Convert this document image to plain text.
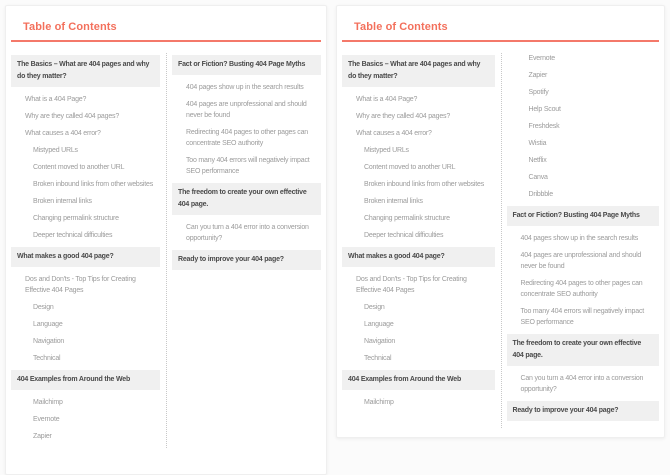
Table of Contents
The Basics – What are 404 pages and why do they matter?
What is a 404 Page?
Why are they called 404 pages?
What causes a 404 error?
Mistyped URLs
Content moved to another URL
Broken inbound links from other websites
Broken internal links
Changing permalink structure
Deeper technical difficulties
What makes a good 404 page?
Dos and Don'ts - Top Tips for Creating Effective 404 Pages
Design
Language
Navigation
Technical
404 Examples from Around the Web
Mailchimp
Evernote
Zapier
Fact or Fiction? Busting 404 Page Myths
404 pages show up in the search results
404 pages are unprofessional and should never be found
Redirecting 404 pages to other pages can concentrate SEO authority
Too many 404 errors will negatively impact SEO performance
The freedom to create your own effective 404 page.
Can you turn a 404 error into a conversion opportunity?
Ready to improve your 404 page?
Table of Contents
The Basics – What are 404 pages and why do they matter?
What is a 404 Page?
Why are they called 404 pages?
What causes a 404 error?
Mistyped URLs
Content moved to another URL
Broken inbound links from other websites
Broken internal links
Changing permalink structure
Deeper technical difficulties
What makes a good 404 page?
Dos and Don'ts - Top Tips for Creating Effective 404 Pages
Design
Language
Navigation
Technical
404 Examples from Around the Web
Mailchimp
Evernote
Zapier
Spotify
Help Scout
Freshdesk
Wistia
Netflix
Canva
Dribbble
Fact or Fiction? Busting 404 Page Myths
404 pages show up in the search results
404 pages are unprofessional and should never be found
Redirecting 404 pages to other pages can concentrate SEO authority
Too many 404 errors will negatively impact SEO performance
The freedom to create your own effective 404 page.
Can you turn a 404 error into a conversion opportunity?
Ready to improve your 404 page?
